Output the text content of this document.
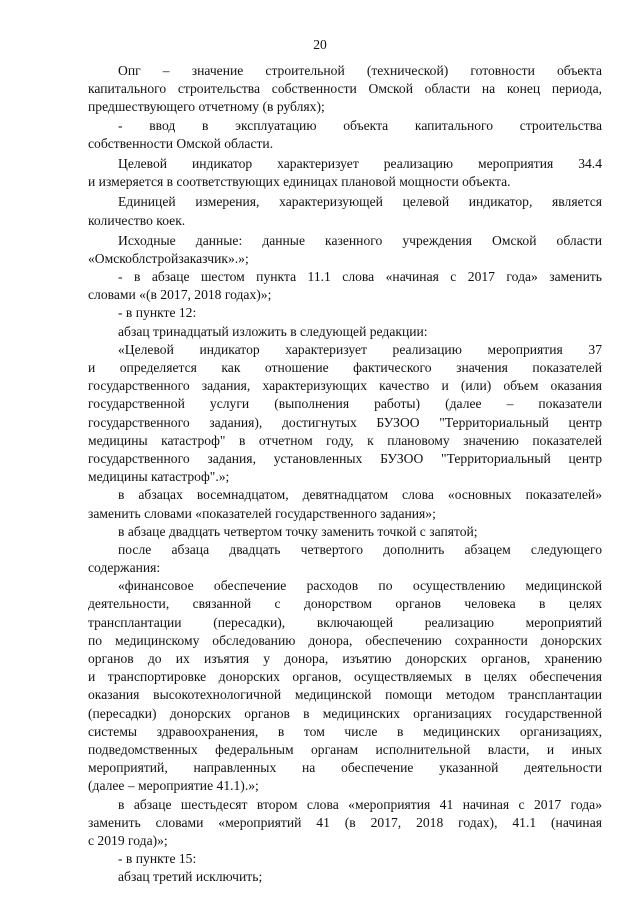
20
Опг – значение строительной (технической) готовности объекта
капитального строительства собственности Омской области на конец периода,
предшествующего отчетному (в рублях);
- ввод в эксплуатацию объекта капитального строительства
собственности Омской области.
Целевой индикатор характеризует реализацию мероприятия 34.4
и измеряется в соответствующих единицах плановой мощности объекта.
Единицей измерения, характеризующей целевой индикатор, является
количество коек.
Исходные данные: данные казенного учреждения Омской области
«Омскоблстройзаказчик».»;
- в абзаце шестом пункта 11.1 слова «начиная с 2017 года» заменить
словами «(в 2017, 2018 годах)»;
- в пункте 12:
абзац тринадцатый изложить в следующей редакции:
«Целевой индикатор характеризует реализацию мероприятия 37
и определяется как отношение фактического значения показателей
государственного задания, характеризующих качество и (или) объем оказания
государственной услуги (выполнения работы) (далее – показатели
государственного задания), достигнутых БУЗОО "Территориальный центр
медицины катастроф" в отчетном году, к плановому значению показателей
государственного задания, установленных БУЗОО "Территориальный центр
медицины катастроф".»;
в абзацах восемнадцатом, девятнадцатом слова «основных показателей»
заменить словами «показателей государственного задания»;
в абзаце двадцать четвертом точку заменить точкой с запятой;
после абзаца двадцать четвертого дополнить абзацем следующего
содержания:
«финансовое обеспечение расходов по осуществлению медицинской
деятельности, связанной с донорством органов человека в целях
трансплантации (пересадки), включающей реализацию мероприятий
по медицинскому обследованию донора, обеспечению сохранности донорских
органов до их изъятия у донора, изъятию донорских органов, хранению
и транспортировке донорских органов, осуществляемых в целях обеспечения
оказания высокотехнологичной медицинской помощи методом трансплантации
(пересадки) донорских органов в медицинских организациях государственной
системы здравоохранения, в том числе в медицинских организациях,
подведомственных федеральным органам исполнительной власти, и иных
мероприятий, направленных на обеспечение указанной деятельности
(далее – мероприятие 41.1).»;
в абзаце шестьдесят втором слова «мероприятия 41 начиная с 2017 года»
заменить словами «мероприятий 41 (в 2017, 2018 годах), 41.1 (начиная
с 2019 года)»;
- в пункте 15:
абзац третий исключить;
